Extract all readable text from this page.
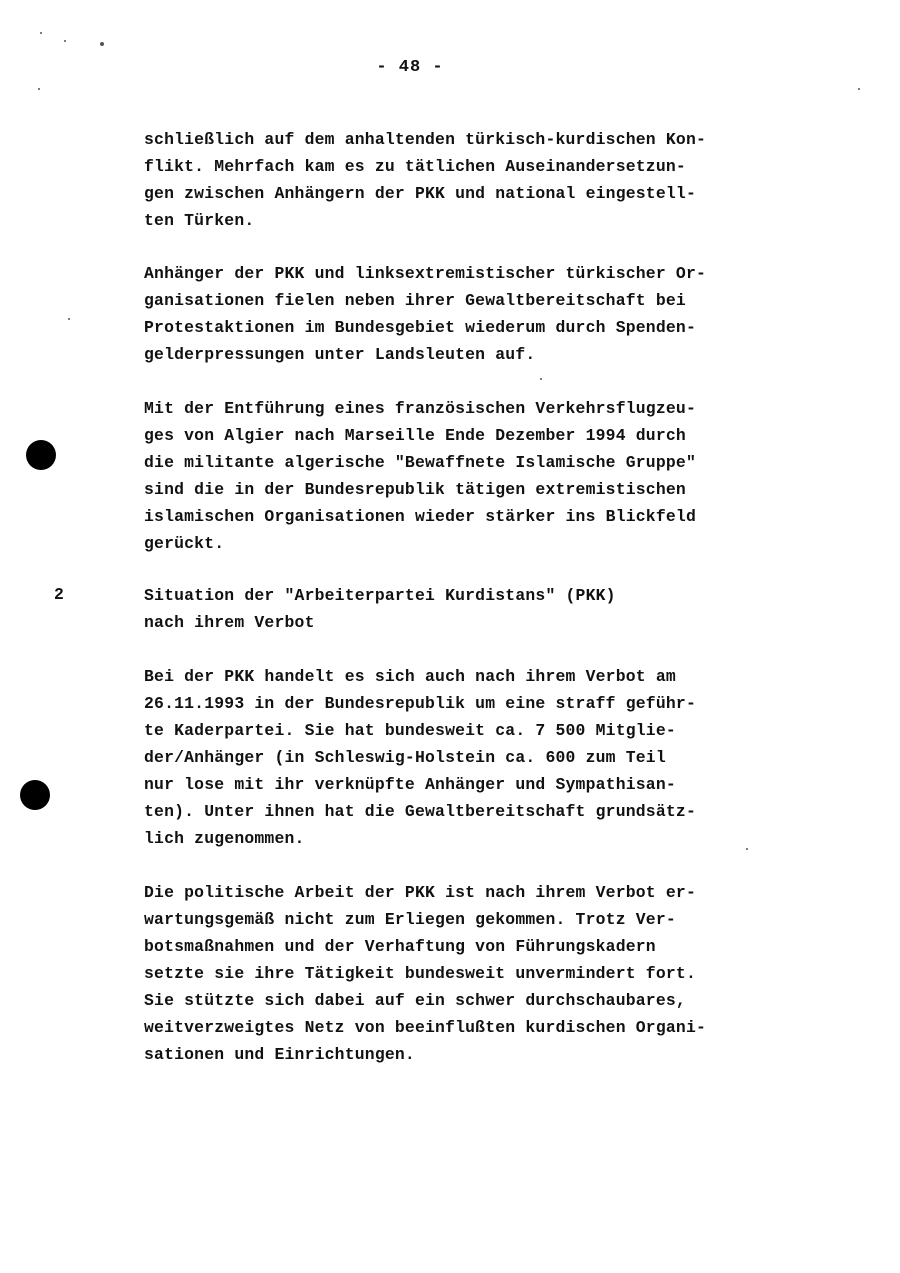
- 48 -
schließlich auf dem anhaltenden türkisch-kurdischen Kon-
flikt. Mehrfach kam es zu tätlichen Auseinandersetzun-
gen zwischen Anhängern der PKK und national eingestell-
ten Türken.
Anhänger der PKK und linksextremistischer türkischer Or-
ganisationen fielen neben ihrer Gewaltbereitschaft bei
Protestaktionen im Bundesgebiet wiederum durch Spenden-
gelderpressungen unter Landsleuten auf.
Mit der Entführung eines französischen Verkehrsflugzeu-
ges von Algier nach Marseille Ende Dezember 1994 durch
die militante algerische "Bewaffnete Islamische Gruppe"
sind die in der Bundesrepublik tätigen extremistischen
islamischen Organisationen wieder stärker ins Blickfeld
gerückt.
2	Situation der "Arbeiterpartei Kurdistans" (PKK)
nach ihrem Verbot
Bei der PKK handelt es sich auch nach ihrem Verbot am
26.11.1993 in der Bundesrepublik um eine straff geführ-
te Kaderpartei. Sie hat bundesweit ca. 7 500 Mitglie-
der/Anhänger (in Schleswig-Holstein ca. 600 zum Teil
nur lose mit ihr verknüpfte Anhänger und Sympathisan-
ten). Unter ihnen hat die Gewaltbereitschaft grundsätz-
lich zugenommen.
Die politische Arbeit der PKK ist nach ihrem Verbot er-
wartungsgemäß nicht zum Erliegen gekommen. Trotz Ver-
botsmaßnahmen und der Verhaftung von Führungskadern
setzte sie ihre Tätigkeit bundesweit unvermindert fort.
Sie stützte sich dabei auf ein schwer durchschaubares,
weitverzweigtes Netz von beeinflußten kurdischen Organi-
sationen und Einrichtungen.
